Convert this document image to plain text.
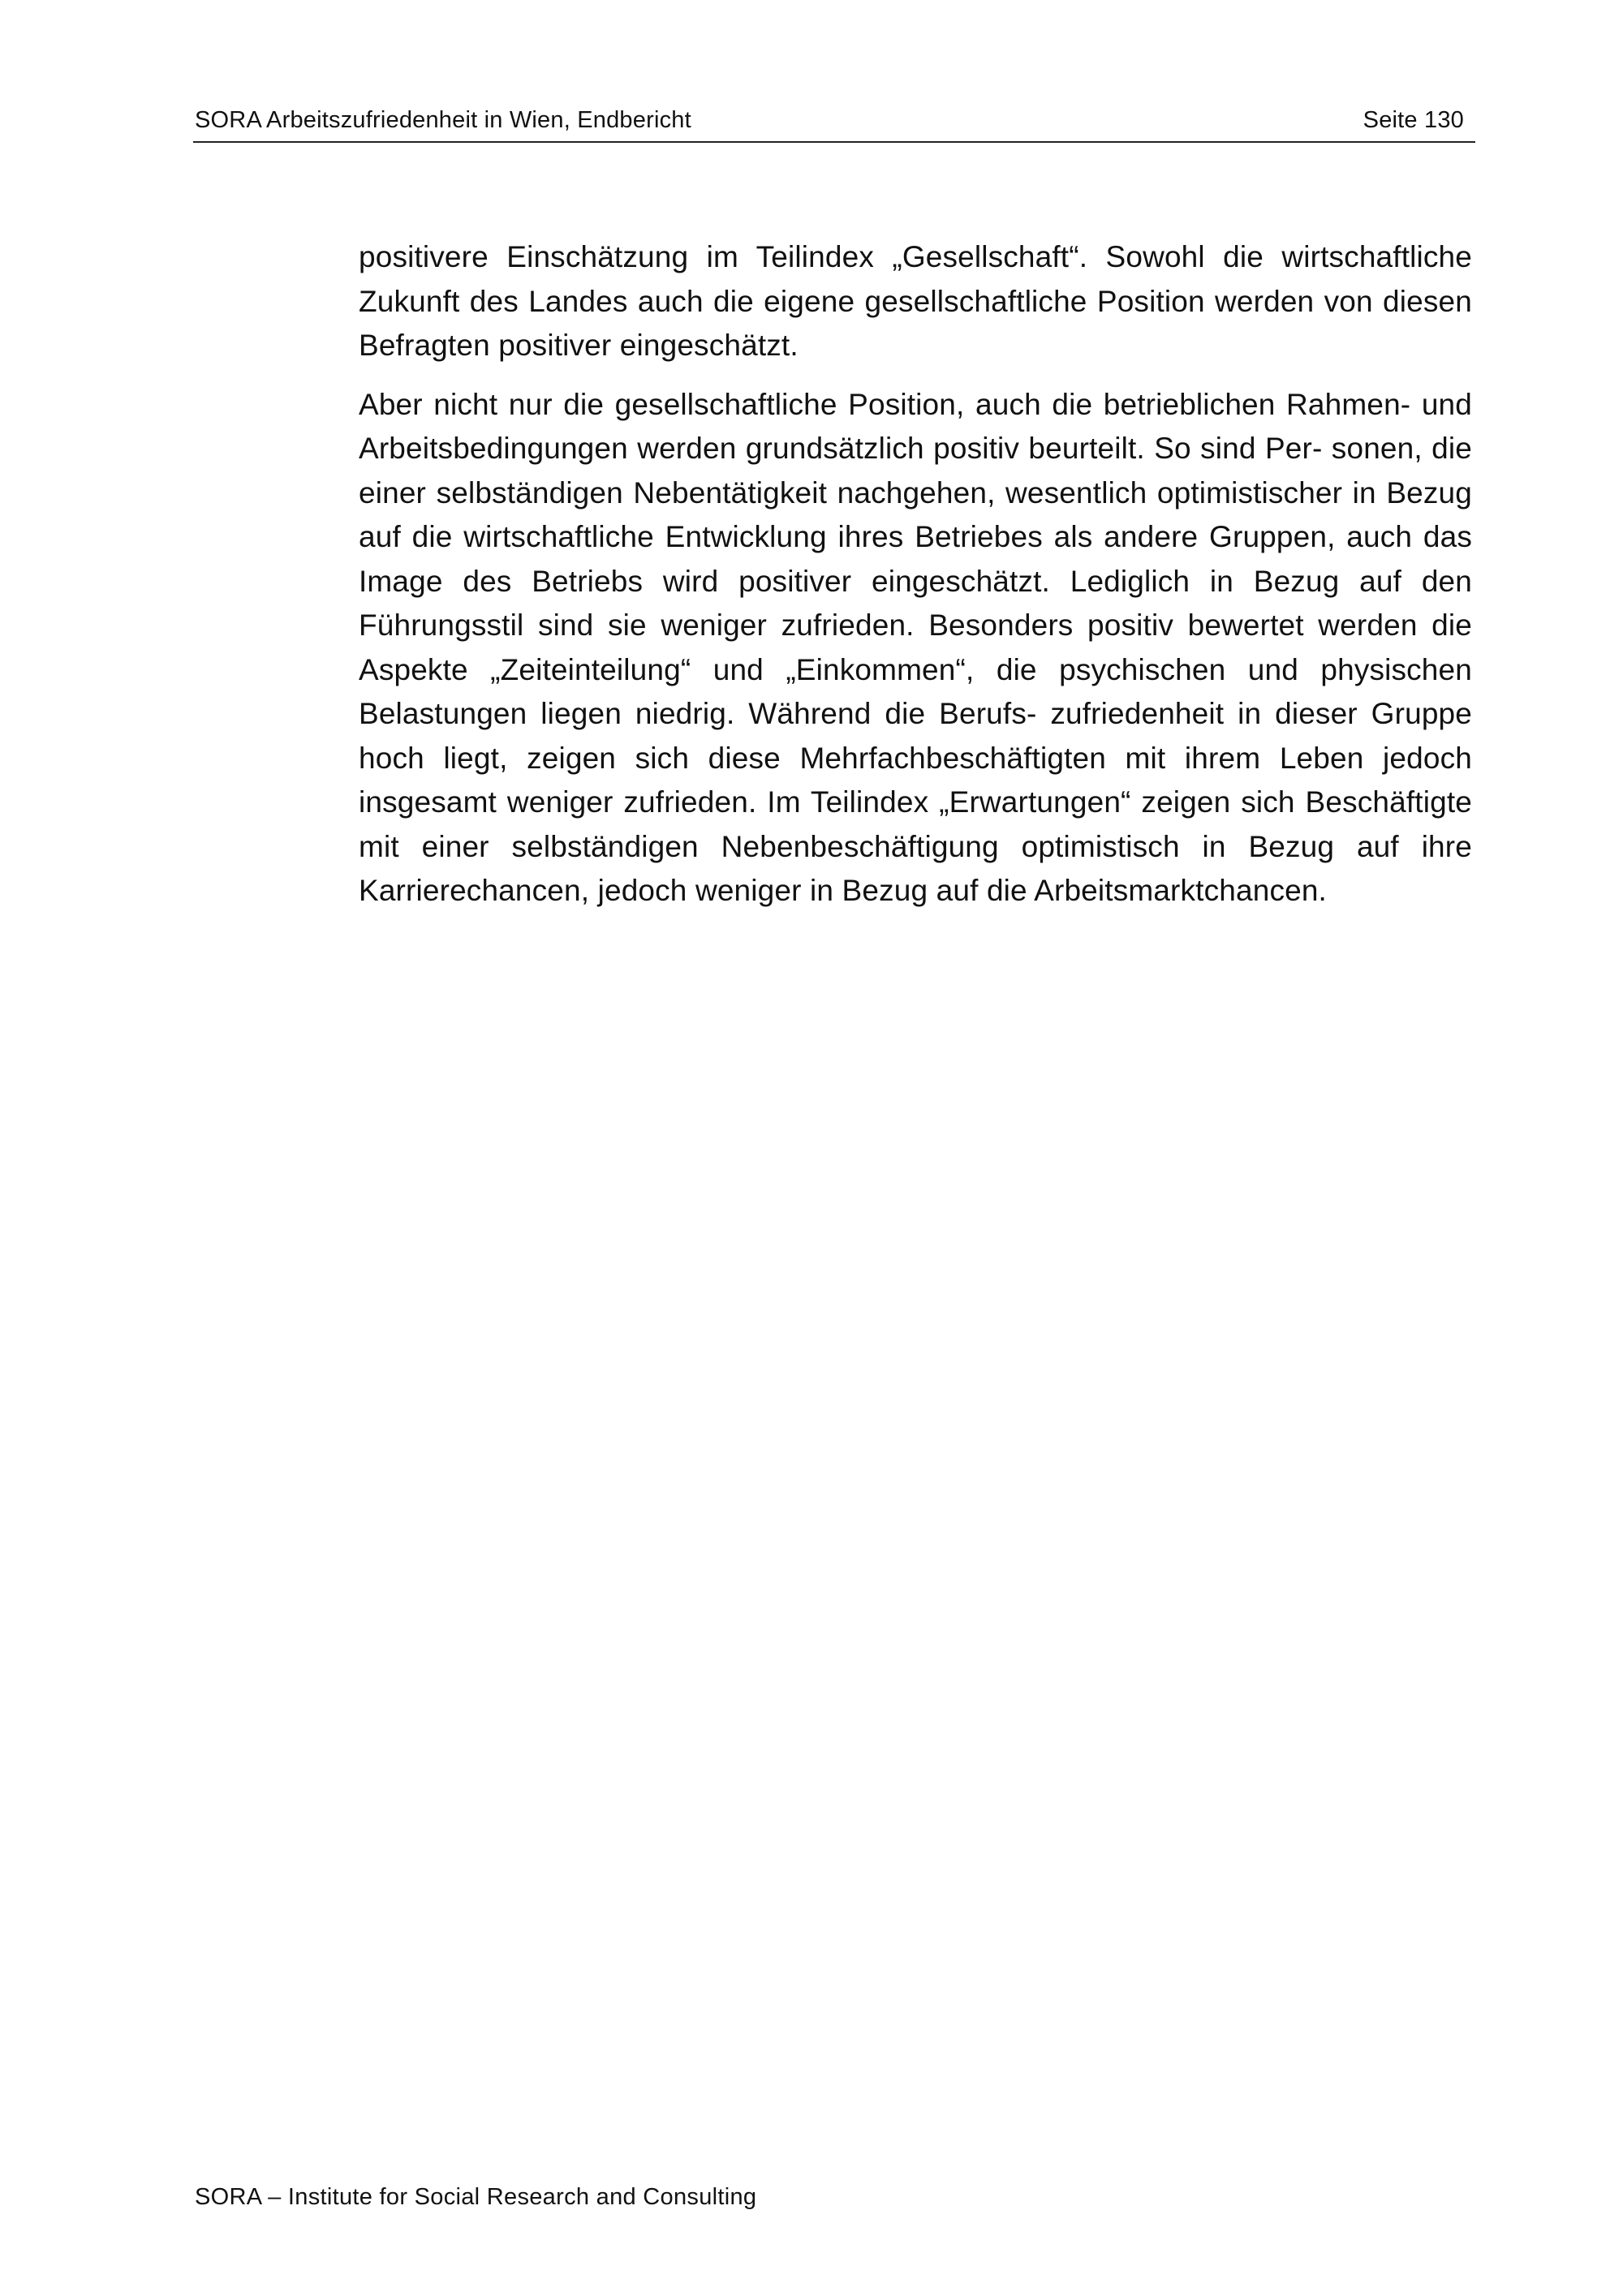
SORA Arbeitszufriedenheit in Wien, Endbericht	Seite 130

positivere Einschätzung im Teilindex „Gesellschaft“. Sowohl die wirtschaftliche Zukunft des Landes auch die eigene gesellschaftliche Position werden von diesen Befragten positiver eingeschätzt.

Aber nicht nur die gesellschaftliche Position, auch die betrieblichen Rahmen- und Arbeitsbedingungen werden grundsätzlich positiv beurteilt. So sind Per- sonen, die einer selbständigen Nebentätigkeit nachgehen, wesentlich optimistischer in Bezug auf die wirtschaftliche Entwicklung ihres Betriebes als andere Gruppen, auch das Image des Betriebs wird positiver eingeschätzt. Lediglich in Bezug auf den Führungsstil sind sie weniger zufrieden. Besonders positiv bewertet werden die Aspekte „Zeiteinteilung“ und „Einkommen“, die psychischen und physischen Belastungen liegen niedrig. Während die Berufs- zufriedenheit in dieser Gruppe hoch liegt, zeigen sich diese Mehrfachbeschäftigten mit ihrem Leben jedoch insgesamt weniger zufrieden. Im Teilindex „Erwartungen“ zeigen sich Beschäftigte mit einer selbständigen Nebenbeschäftigung optimistisch in Bezug auf ihre Karrierechancen, jedoch weniger in Bezug auf die Arbeitsmarktchancen.

SORA – Institute for Social Research and Consulting
